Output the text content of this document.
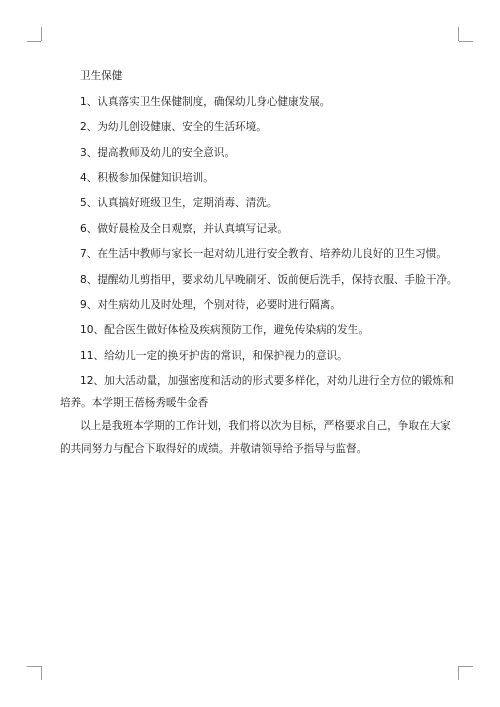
卫生保健

1、认真落实卫生保健制度，确保幼儿身心健康发展。

2、为幼儿创设健康、安全的生活环境。

3、提高教师及幼儿的安全意识。

4、积极参加保健知识培训。

5、认真搞好班级卫生，定期消毒、清洗。

6、做好晨检及全日观察，并认真填写记录。

7、在生活中教师与家长一起对幼儿进行安全教育、培养幼儿良好的卫生习惯。

8、提醒幼儿剪指甲，要求幼儿早晚刷牙、饭前便后洗手，保持衣服、手脸干净。

9、对生病幼儿及时处理，个别对待，必要时进行隔离。

10、配合医生做好体检及疾病预防工作，避免传染病的发生。

11、给幼儿一定的换牙护齿的常识，和保护视力的意识。

12、加大活动量，加强密度和活动的形式要多样化，对幼儿进行全方位的锻炼和

培养。本学期王蓓杨秀暖牛金香

以上是我班本学期的工作计划，我们将以次为目标，严格要求自己，争取在大家

的共同努力与配合下取得好的成绩。并敬请领导给予指导与监督。
